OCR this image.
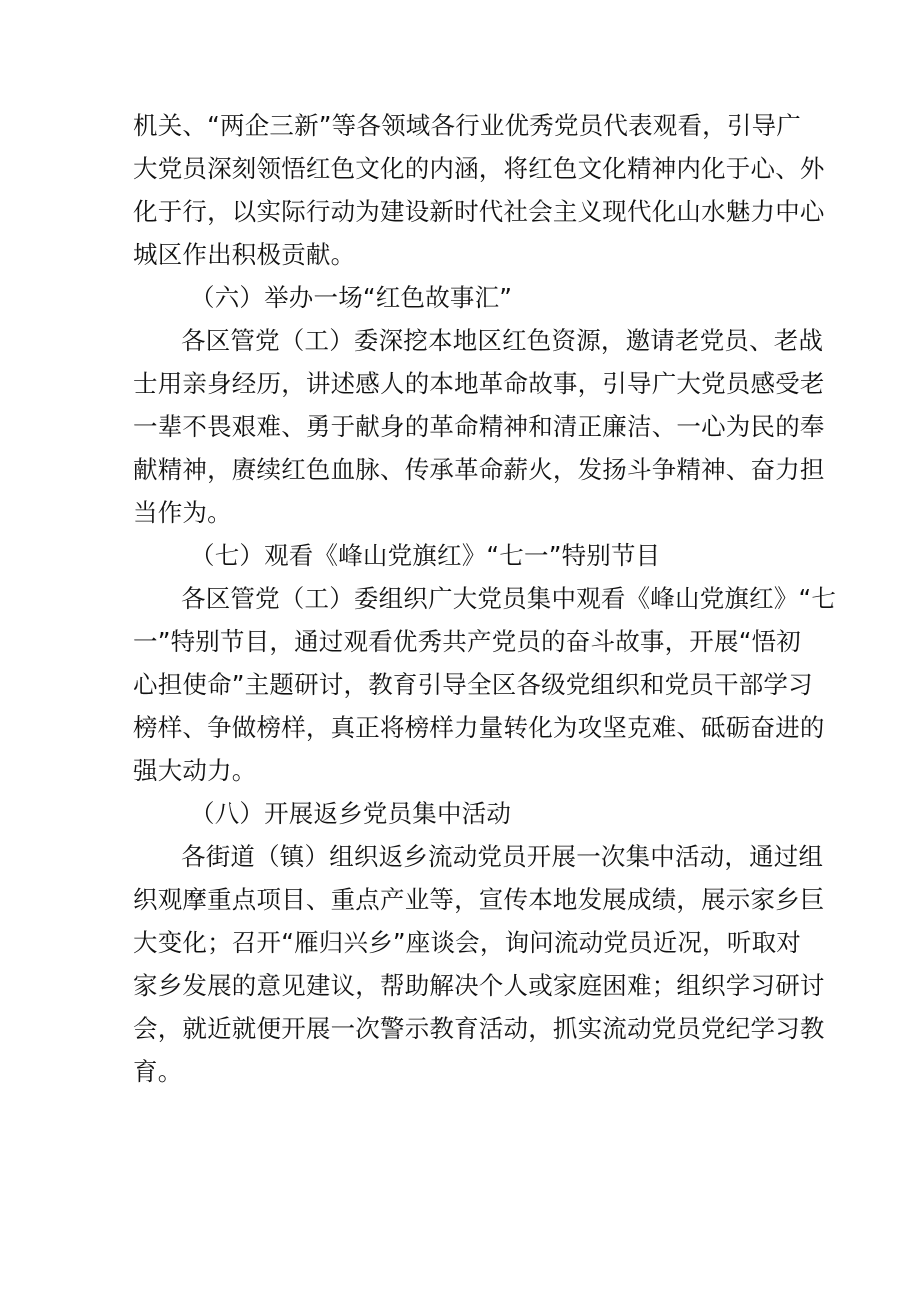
机关、“两企三新”等各领域各行业优秀党员代表观看，引导广
大党员深刻领悟红色文化的内涵，将红色文化精神内化于心、外
化于行，以实际行动为建设新时代社会主义现代化山水魅力中心
城区作出积极贡献。
（六）举办一场“红色故事汇”
各区管党（工）委深挖本地区红色资源，邀请老党员、老战
士用亲身经历，讲述感人的本地革命故事，引导广大党员感受老
一辈不畏艰难、勇于献身的革命精神和清正廉洁、一心为民的奉
献精神，赓续红色血脉、传承革命薪火，发扬斗争精神、奋力担
当作为。
（七）观看《峰山党旗红》“七一”特别节目
各区管党（工）委组织广大党员集中观看《峰山党旗红》“七
一”特别节目，通过观看优秀共产党员的奋斗故事，开展“悟初
心担使命”主题研讨，教育引导全区各级党组织和党员干部学习
榜样、争做榜样，真正将榜样力量转化为攻坚克难、砥砺奋进的
强大动力。
（八）开展返乡党员集中活动
各街道（镇）组织返乡流动党员开展一次集中活动，通过组
织观摩重点项目、重点产业等，宣传本地发展成绩，展示家乡巨
大变化；召开“雁归兴乡”座谈会，询问流动党员近况，听取对
家乡发展的意见建议，帮助解决个人或家庭困难；组织学习研讨
会，就近就便开展一次警示教育活动，抓实流动党员党纪学习教
育。
